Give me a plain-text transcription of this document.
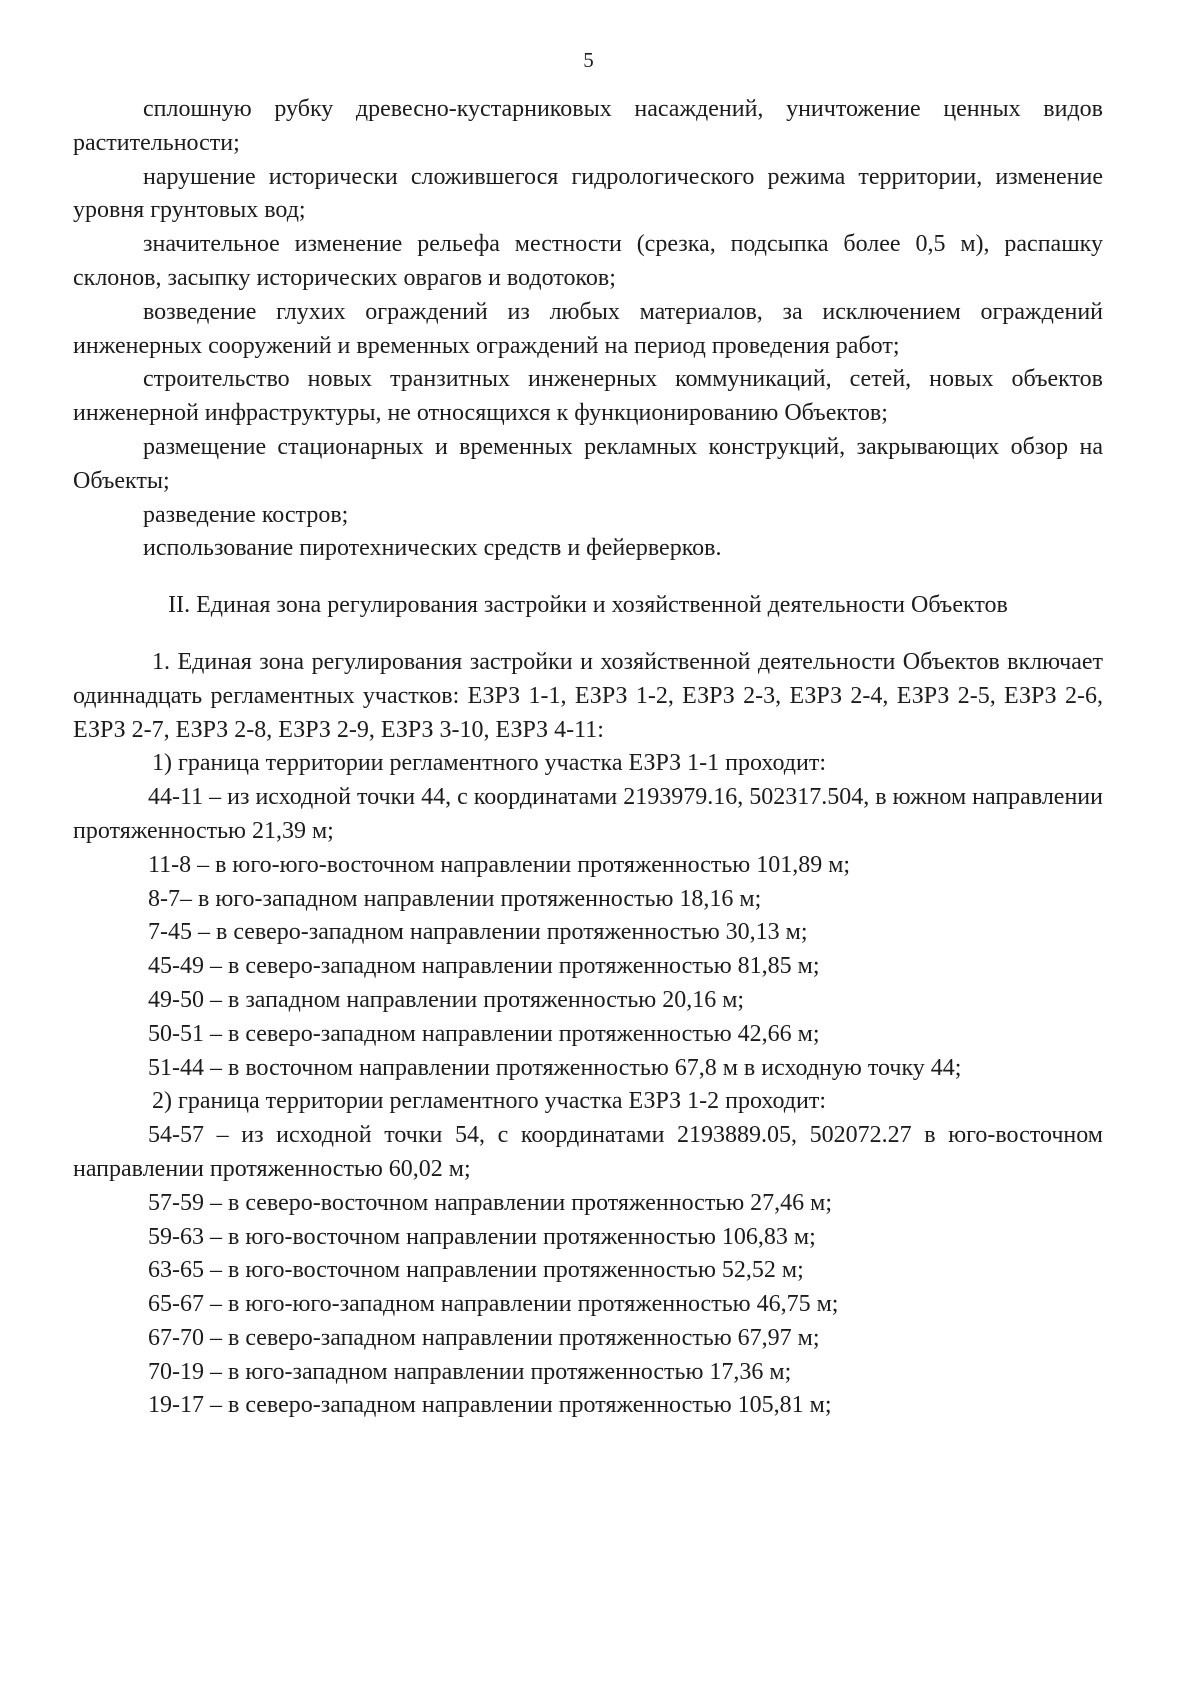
5

сплошную рубку древесно-кустарниковых насаждений, уничтожение ценных видов растительности;

нарушение исторически сложившегося гидрологического режима территории, изменение уровня грунтовых вод;

значительное изменение рельефа местности (срезка, подсыпка более 0,5 м), распашку склонов, засыпку исторических оврагов и водотоков;

возведение глухих ограждений из любых материалов, за исключением ограждений инженерных сооружений и временных ограждений на период проведения работ;

строительство новых транзитных инженерных коммуникаций, сетей, новых объектов инженерной инфраструктуры, не относящихся к функционированию Объектов;

размещение стационарных и временных рекламных конструкций, закрывающих обзор на Объекты;

разведение костров;

использование пиротехнических средств и фейерверков.

II. Единая зона регулирования застройки и хозяйственной деятельности Объектов

1. Единая зона регулирования застройки и хозяйственной деятельности Объектов включает одиннадцать регламентных участков: ЕЗРЗ 1-1, ЕЗРЗ 1-2, ЕЗРЗ 2-3, ЕЗРЗ 2-4, ЕЗРЗ 2-5, ЕЗРЗ 2-6, ЕЗРЗ 2-7, ЕЗРЗ 2-8, ЕЗРЗ 2-9, ЕЗРЗ 3-10, ЕЗРЗ 4-11:

1) граница территории регламентного участка ЕЗРЗ 1-1 проходит:

44-11 – из исходной точки 44, с координатами 2193979.16, 502317.504, в южном направлении протяженностью 21,39 м;

11-8 – в юго-юго-восточном направлении протяженностью 101,89 м;

8-7– в юго-западном направлении протяженностью 18,16 м;

7-45 – в северо-западном направлении протяженностью 30,13 м;

45-49 – в северо-западном направлении протяженностью 81,85 м;

49-50 – в западном направлении протяженностью 20,16 м;

50-51 – в северо-западном направлении протяженностью 42,66 м;

51-44 – в восточном направлении протяженностью 67,8 м в исходную точку 44;

2) граница территории регламентного участка ЕЗРЗ 1-2 проходит:

54-57 – из исходной точки 54, с координатами 2193889.05, 502072.27 в юго-восточном направлении протяженностью 60,02 м;

57-59 – в северо-восточном направлении протяженностью 27,46 м;

59-63 – в юго-восточном направлении протяженностью 106,83 м;

63-65 – в юго-восточном направлении протяженностью 52,52 м;

65-67 – в юго-юго-западном направлении протяженностью 46,75 м;

67-70 – в северо-западном направлении протяженностью 67,97 м;

70-19 – в юго-западном направлении протяженностью 17,36 м;

19-17 – в северо-западном направлении протяженностью 105,81 м;
